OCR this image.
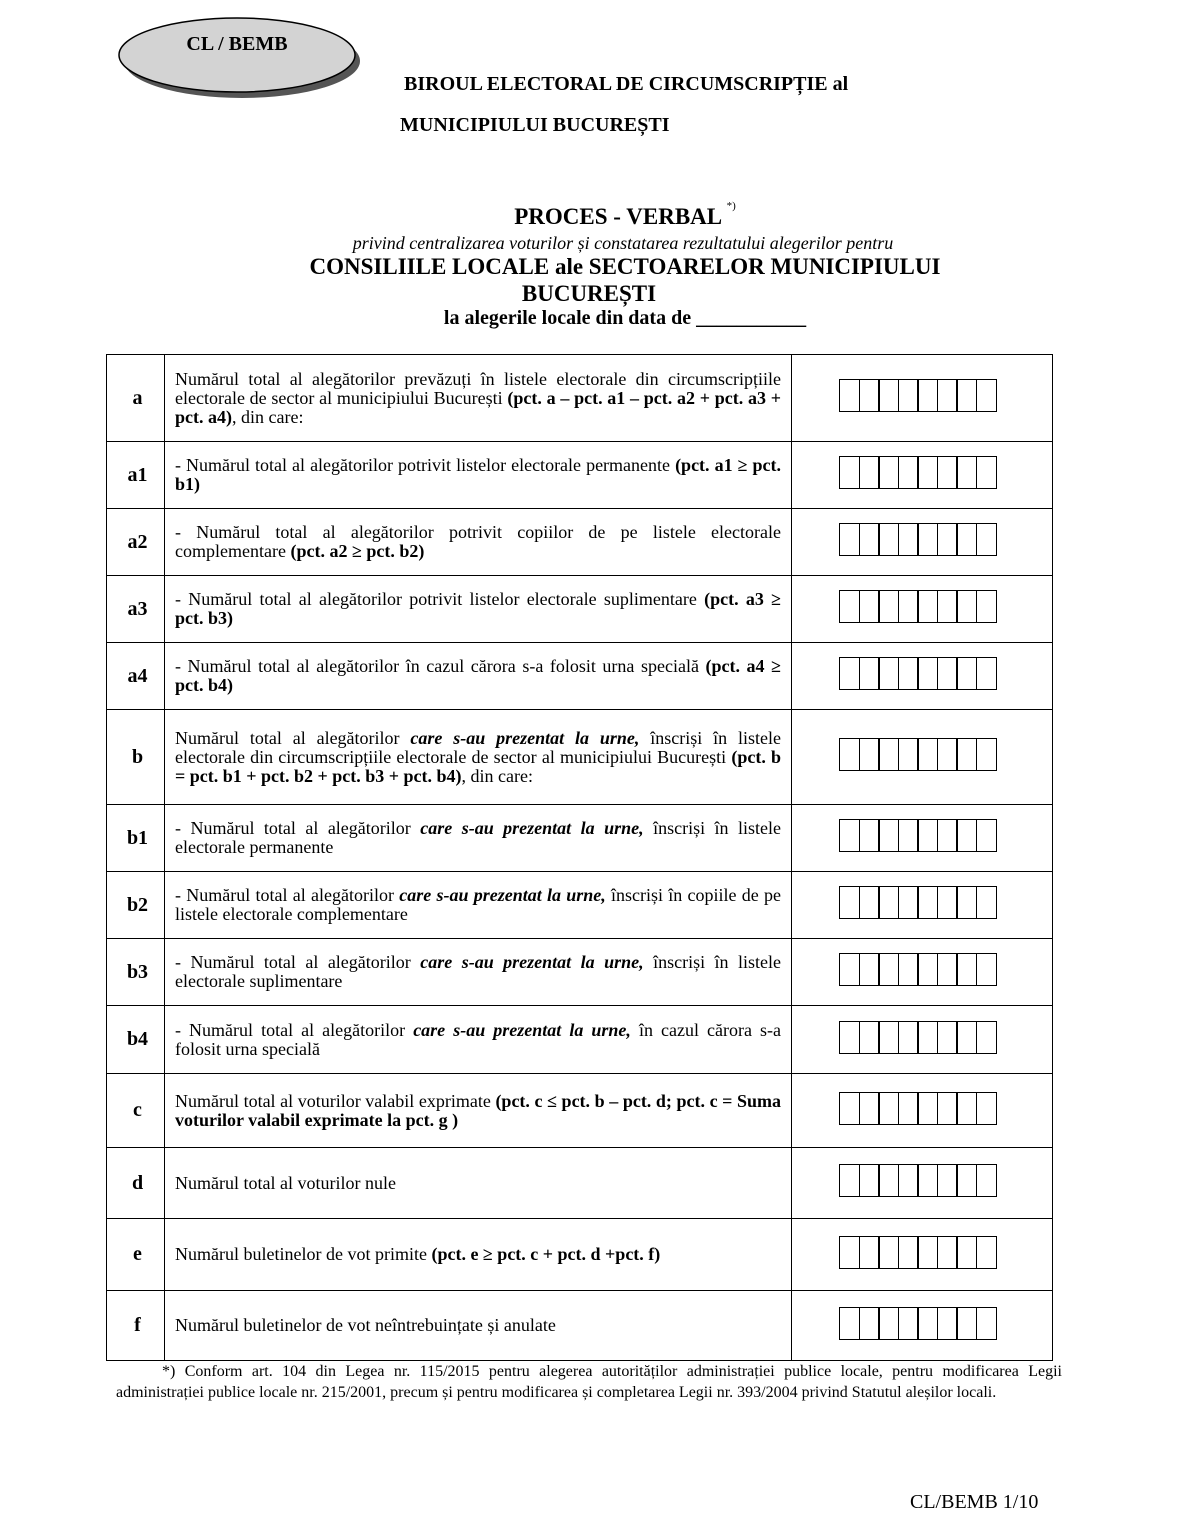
CL / BEMB
BIROUL ELECTORAL DE CIRCUMSCRIPȚIE al
MUNICIPIULUI BUCUREȘTI
PROCES - VERBAL *)
privind centralizarea voturilor și constatarea rezultatului alegerilor pentru
CONSILIILE LOCALE ale SECTOARELOR MUNICIPIULUI
BUCUREȘTI
la alegerile locale din data de ___________
a	Numărul total al alegătorilor prevăzuți în listele electorale din circumscripțiile electorale de sector al municipiului București (pct. a – pct. a1 – pct. a2 + pct. a3 + pct. a4), din care:	

a1	- Numărul total al alegătorilor potrivit listelor electorale permanente (pct. a1 ≥ pct. b1)	

a2	- Numărul total al alegătorilor potrivit copiilor de pe listele electorale complementare (pct. a2 ≥ pct. b2)	

a3	- Numărul total al alegătorilor potrivit listelor electorale suplimentare (pct. a3 ≥ pct. b3)	

a4	- Numărul total al alegătorilor în cazul cărora s-a folosit urna specială (pct. a4 ≥ pct. b4)	

b	Numărul total al alegătorilor care s-au prezentat la urne, înscriși în listele electorale din circumscripțiile electorale de sector al municipiului București (pct. b = pct. b1 + pct. b2 + pct. b3 + pct. b4), din care:	

b1	- Numărul total al alegătorilor care s-au prezentat la urne, înscriși în listele electorale permanente	

b2	- Numărul total al alegătorilor care s-au prezentat la urne, înscriși în copiile de pe listele electorale complementare	

b3	- Numărul total al alegătorilor care s-au prezentat la urne, înscriși în listele electorale suplimentare	

b4	- Numărul total al alegătorilor care s-au prezentat la urne, în cazul cărora s-a folosit urna specială	

c	Numărul total al voturilor valabil exprimate (pct. c ≤ pct. b – pct. d; pct. c = Suma voturilor valabil exprimate la pct. g )	

d	Numărul total al voturilor nule	

e	Numărul buletinelor de vot primite (pct. e ≥ pct. c + pct. d +pct. f)	

f	Numărul buletinelor de vot neîntrebuințate și anulate	
*) Conform art. 104 din Legea nr. 115/2015 pentru alegerea autorităților administrației publice locale, pentru modificarea Legii administrației publice locale nr. 215/2001, precum și pentru modificarea și completarea Legii nr. 393/2004 privind Statutul aleșilor locali.
CL/BEMB 1/10
